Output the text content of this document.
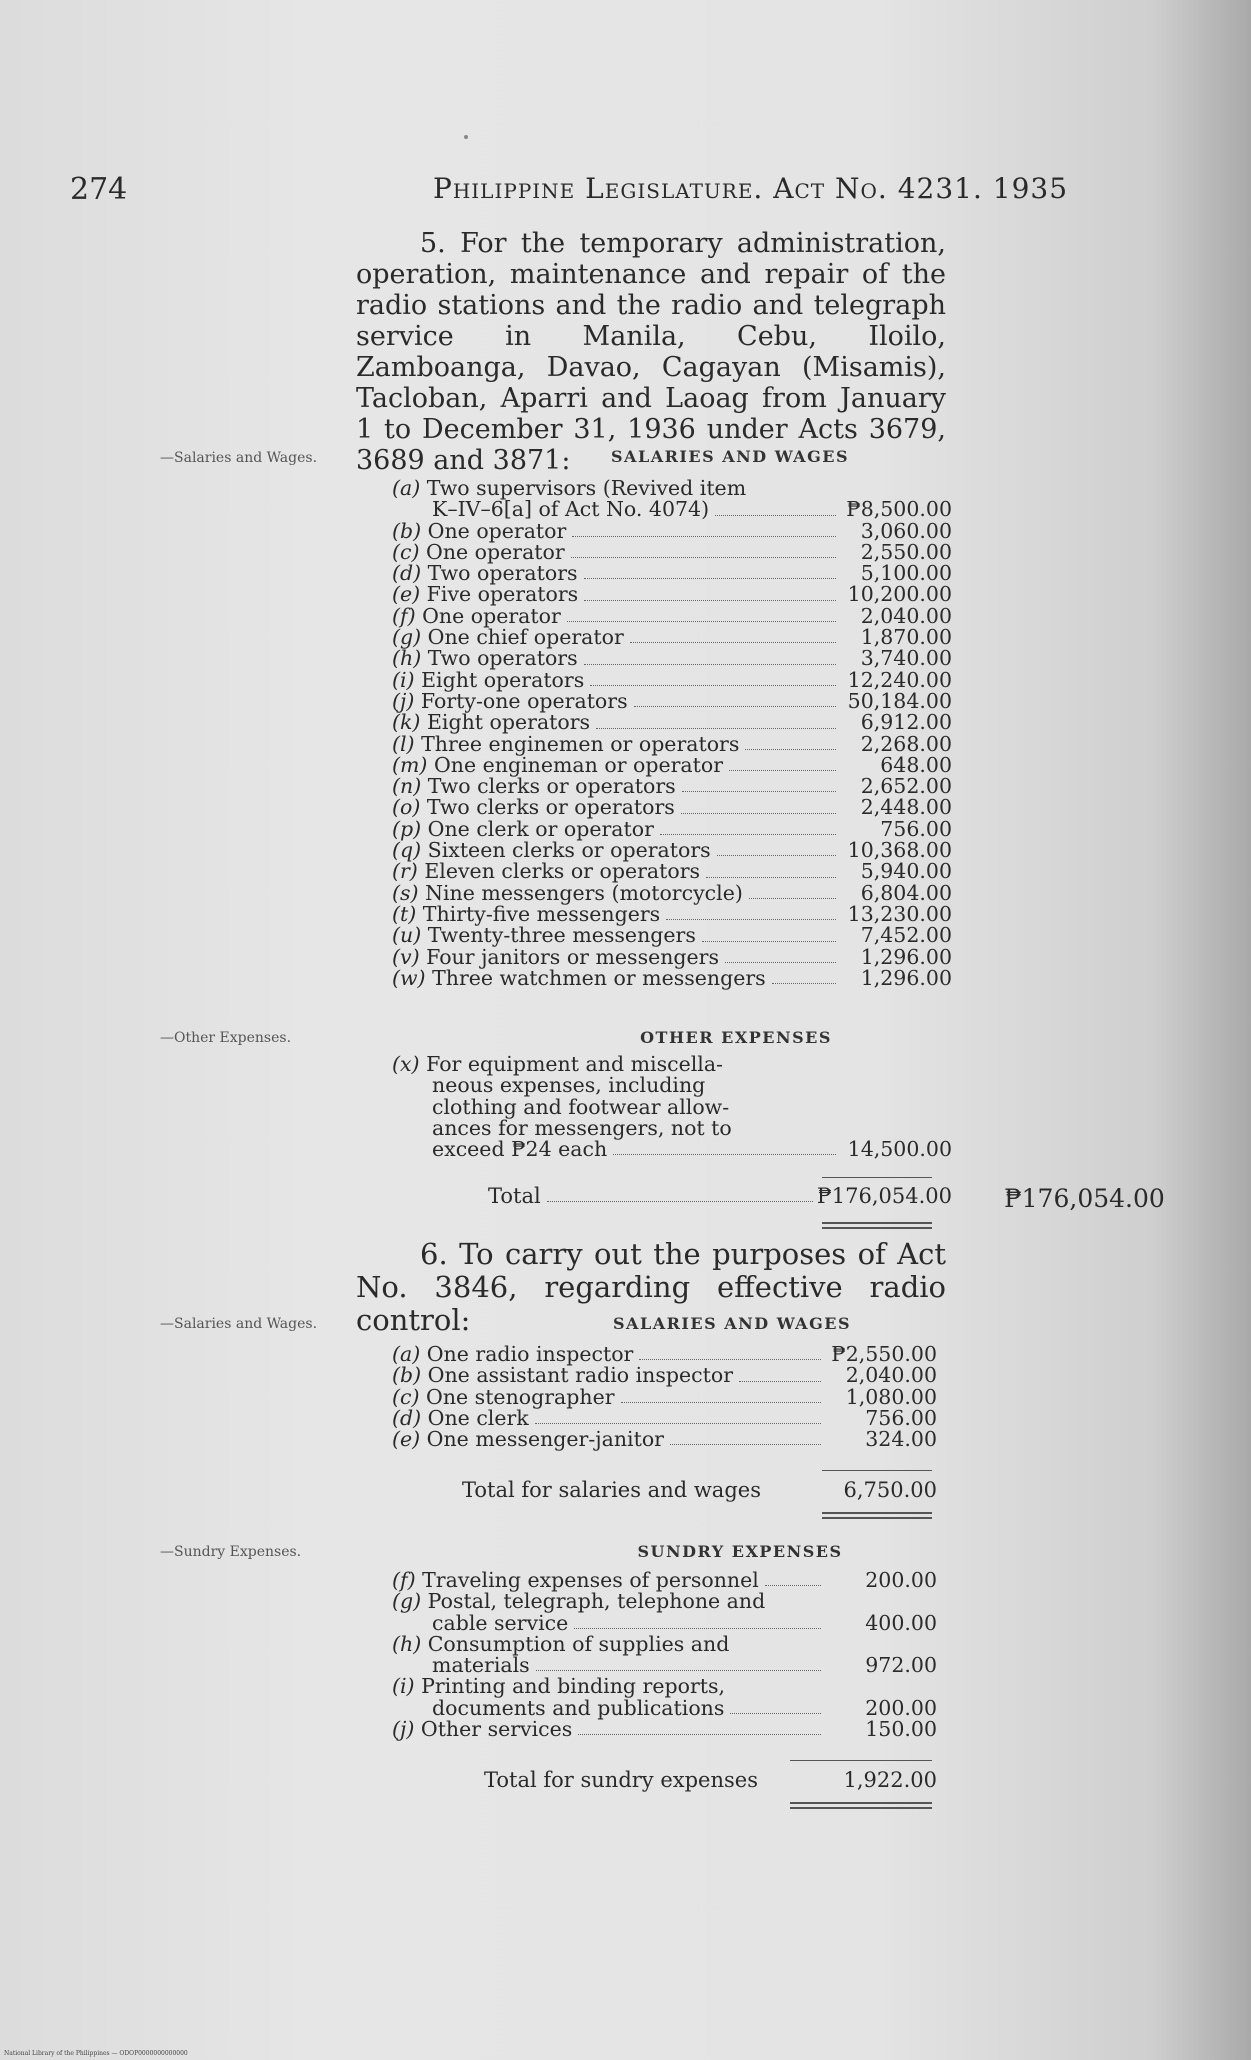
274	Philippine Legislature. Act No. 4231. 1935
5. For the temporary administration, operation, maintenance and repair of the radio stations and the radio and telegraph service in Manila, Cebu, Iloilo, Zamboanga, Davao, Cagayan (Misamis), Tacloban, Aparri and Laoag from January 1 to December 31, 1936 under Acts 3679, 3689 and 3871:
—Salaries and Wages.	SALARIES AND WAGES
(a) Two supervisors (Revived item
K–IV–6[a] of Act No. 4074)	₱8,500.00
(b) One operator	3,060.00
(c) One operator	2,550.00
(d) Two operators	5,100.00
(e) Five operators	10,200.00
(f) One operator	2,040.00
(g) One chief operator	1,870.00
(h) Two operators	3,740.00
(i) Eight operators	12,240.00
(j) Forty-one operators	50,184.00
(k) Eight operators	6,912.00
(l) Three enginemen or operators	2,268.00
(m) One engineman or operator	648.00
(n) Two clerks or operators	2,652.00
(o) Two clerks or operators	2,448.00
(p) One clerk or operator	756.00
(q) Sixteen clerks or operators	10,368.00
(r) Eleven clerks or operators	5,940.00
(s) Nine messengers (motorcycle)	6,804.00
(t) Thirty-five messengers	13,230.00
(u) Twenty-three messengers	7,452.00
(v) Four janitors or messengers	1,296.00
(w) Three watchmen or messengers	1,296.00
—Other Expenses.	OTHER EXPENSES
(x) For equipment and miscella-
neous expenses, including
clothing and footwear allow-
ances for messengers, not to
exceed ₱24 each	14,500.00
Total	₱176,054.00 ₱176,054.00
6. To carry out the purposes of Act No. 3846, regarding effective radio control:
—Salaries and Wages.	SALARIES AND WAGES
(a) One radio inspector	₱2,550.00
(b) One assistant radio inspector	2,040.00
(c) One stenographer	1,080.00
(d) One clerk	756.00
(e) One messenger-janitor	324.00
Total for salaries and wages	6,750.00
—Sundry Expenses.	SUNDRY EXPENSES
(f) Traveling expenses of personnel	200.00
(g) Postal, telegraph, telephone and
cable service	400.00
(h) Consumption of supplies and
materials	972.00
(i) Printing and binding reports,
documents and publications	200.00
(j) Other services	150.00
Total for sundry expenses	1,922.00
National Library of the Philippines — ODOP0000000000000
